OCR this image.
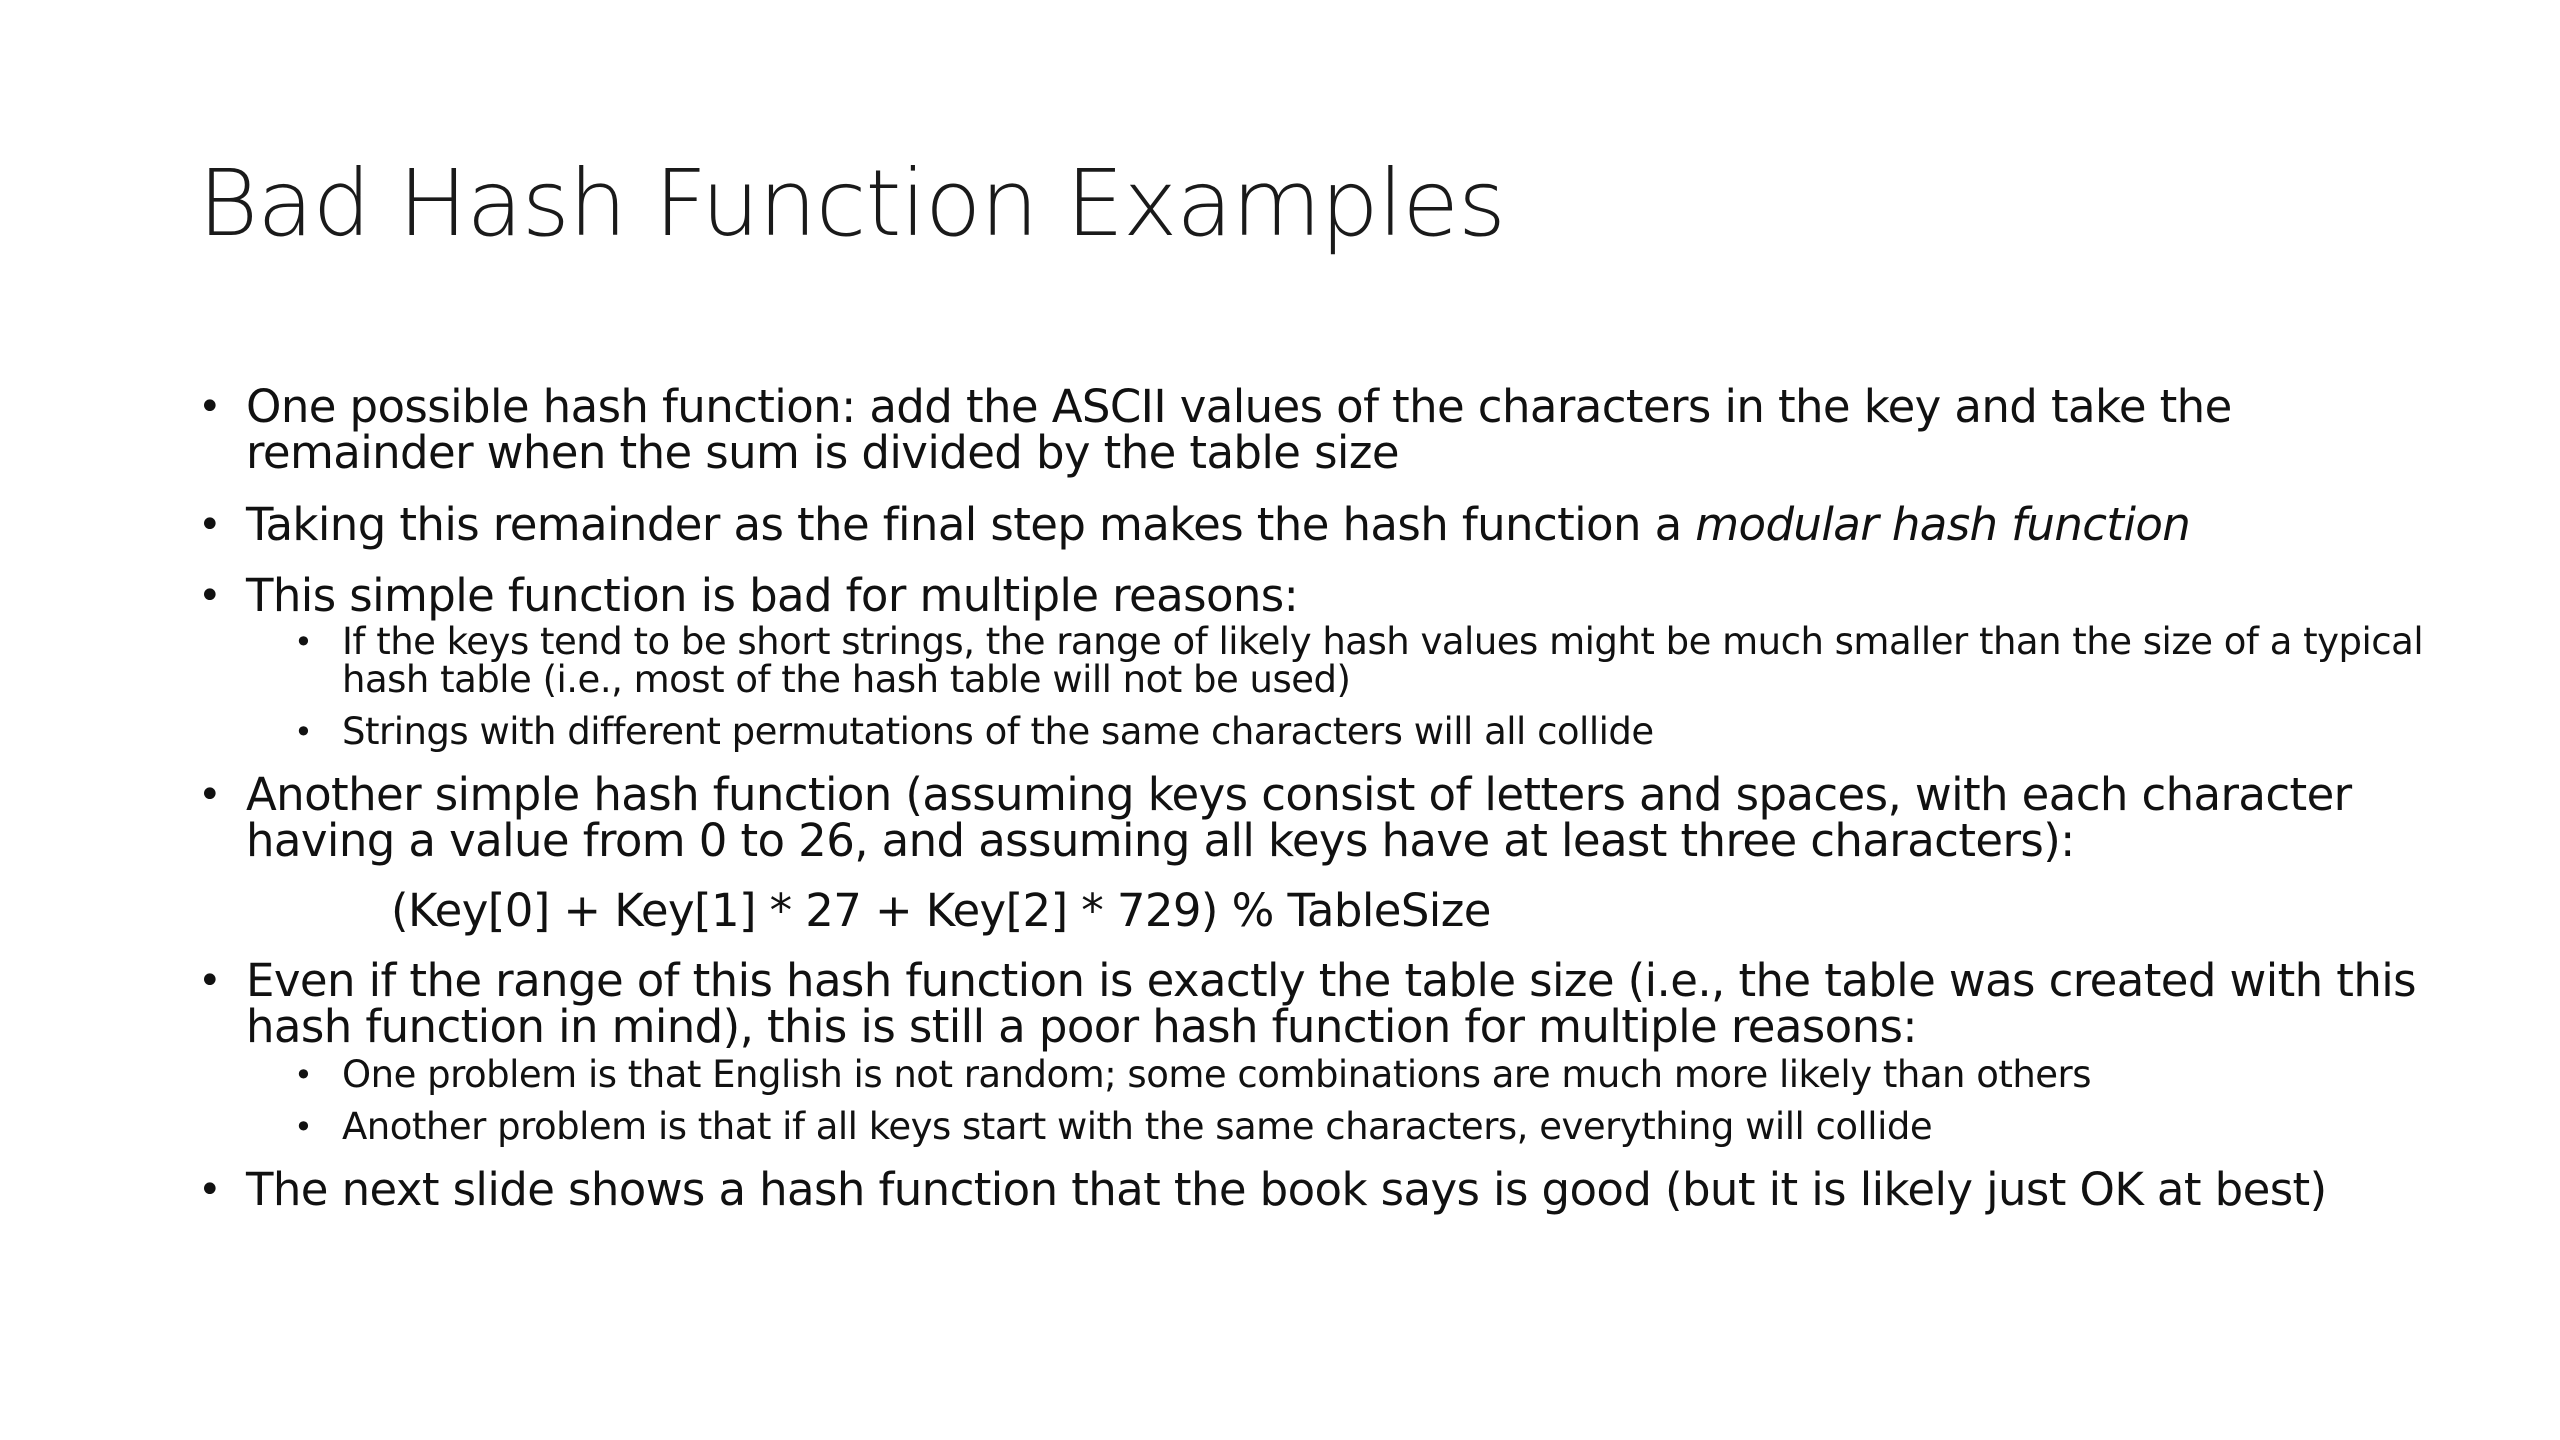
Bad Hash Function Examples
• One possible hash function: add the ASCII values of the characters in the key and take the remainder when the sum is divided by the table size
• Taking this remainder as the final step makes the hash function a modular hash function
• This simple function is bad for multiple reasons:
• If the keys tend to be short strings, the range of likely hash values might be much smaller than the size of a typical hash table (i.e., most of the hash table will not be used)
• Strings with different permutations of the same characters will all collide
• Another simple hash function (assuming keys consist of letters and spaces, with each character having a value from 0 to 26, and assuming all keys have at least three characters):
(Key[0] + Key[1] * 27 + Key[2] * 729) % TableSize
• Even if the range of this hash function is exactly the table size (i.e., the table was created with this hash function in mind), this is still a poor hash function for multiple reasons:
• One problem is that English is not random; some combinations are much more likely than others
• Another problem is that if all keys start with the same characters, everything will collide
• The next slide shows a hash function that the book says is good (but it is likely just OK at best)
